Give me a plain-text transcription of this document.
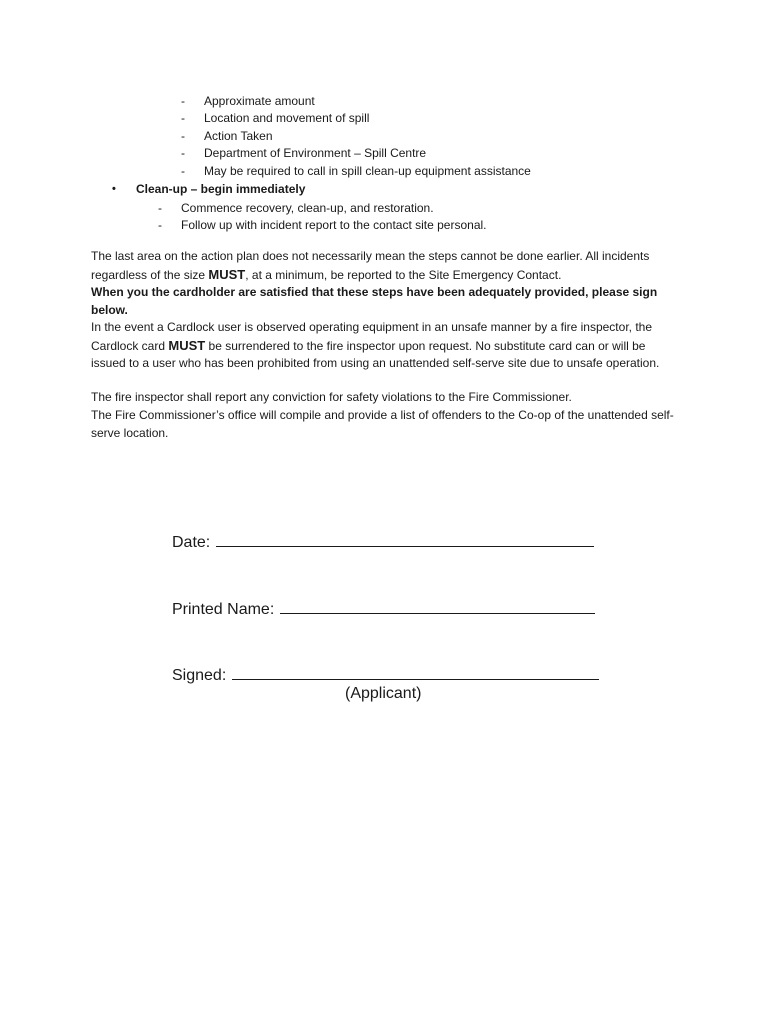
- Approximate amount
- Location and movement of spill
- Action Taken
- Department of Environment – Spill Centre
- May be required to call in spill clean-up equipment assistance
• Clean-up – begin immediately
- Commence recovery, clean-up, and restoration.
- Follow up with incident report to the contact site personal.

The last area on the action plan does not necessarily mean the steps cannot be done earlier. All incidents regardless of the size MUST, at a minimum, be reported to the Site Emergency Contact.

When you the cardholder are satisfied that these steps have been adequately provided, please sign below.

In the event a Cardlock user is observed operating equipment in an unsafe manner by a fire inspector, the Cardlock card MUST be surrendered to the fire inspector upon request. No substitute card can or will be issued to a user who has been prohibited from using an unattended self-serve site due to unsafe operation.

The fire inspector shall report any conviction for safety violations to the Fire Commissioner.

The Fire Commissioner’s office will compile and provide a list of offenders to the Co-op of the unattended self-serve location.

Date:
Printed Name:
Signed:
(Applicant)
